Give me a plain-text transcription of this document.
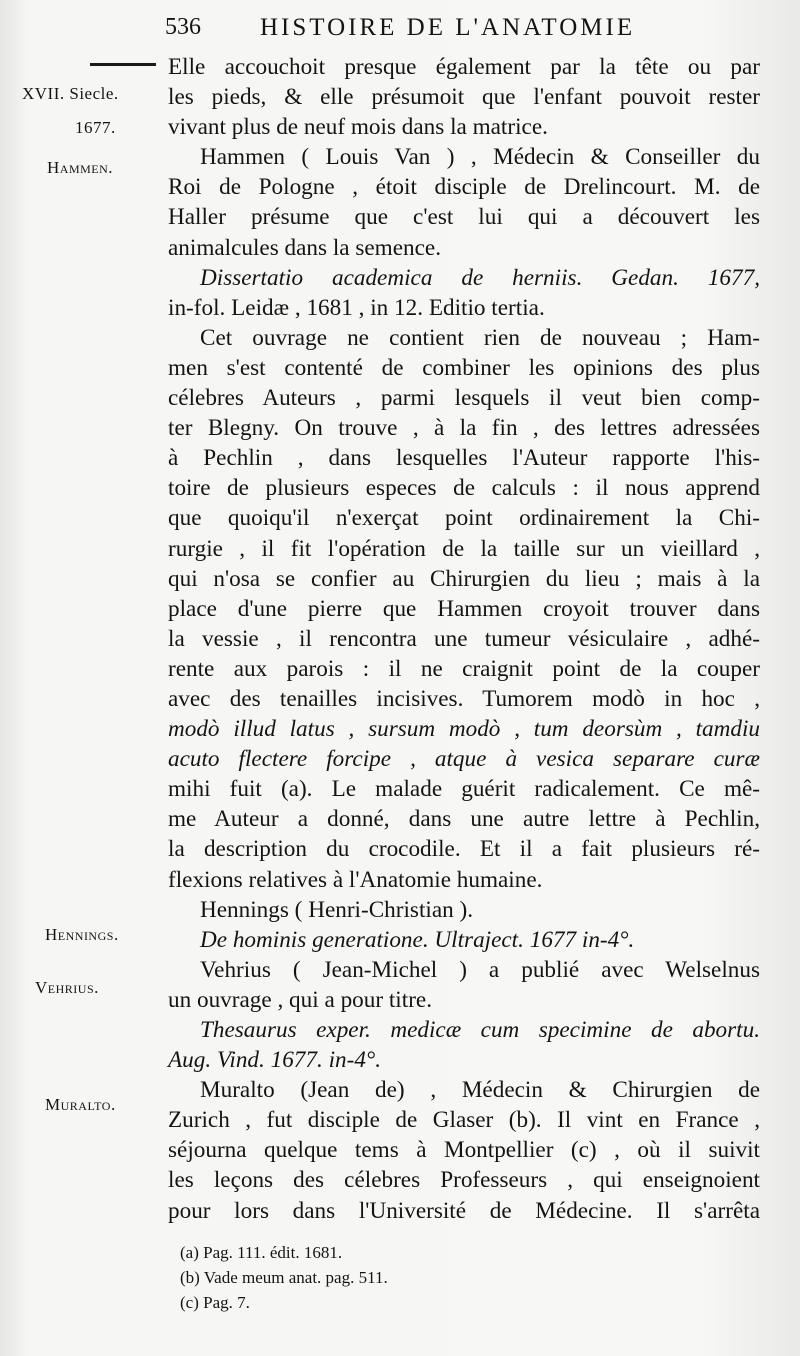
536 HISTOIRE DE L'ANATOMIE
XVII. Siecle.
1677.
Hammen.
Hennings.
Vehrius.
Muralto.
Elle accouchoit presque également par la tête ou par
les pieds, & elle présumoit que l'enfant pouvoit rester
vivant plus de neuf mois dans la matrice.
Hammen ( Louis Van ) , Médecin & Conseiller du
Roi de Pologne , étoit disciple de Drelincourt. M. de
Haller présume que c'est lui qui a découvert les
animalcules dans la semence.
Dissertatio academica de herniis. Gedan. 1677,
in-fol. Leidæ , 1681 , in 12. Editio tertia.
Cet ouvrage ne contient rien de nouveau ; Ham-
men s'est contenté de combiner les opinions des plus
célebres Auteurs , parmi lesquels il veut bien comp-
ter Blegny. On trouve , à la fin , des lettres adressées
à Pechlin , dans lesquelles l'Auteur rapporte l'his-
toire de plusieurs especes de calculs : il nous apprend
que quoiqu'il n'exerçat point ordinairement la Chi-
rurgie , il fit l'opération de la taille sur un vieillard ,
qui n'osa se confier au Chirurgien du lieu ; mais à la
place d'une pierre que Hammen croyoit trouver dans
la vessie , il rencontra une tumeur vésiculaire , adhé-
rente aux parois : il ne craignit point de la couper
avec des tenailles incisives. Tumorem modò in hoc ,
modò illud latus , sursum modò , tum deorsùm , tamdiu
acuto flectere forcipe , atque à vesica separare curæ
mihi fuit (a). Le malade guérit radicalement. Ce mê-
me Auteur a donné, dans une autre lettre à Pechlin,
la description du crocodile. Et il a fait plusieurs ré-
flexions relatives à l'Anatomie humaine.
Hennings ( Henri-Christian ).
De hominis generatione. Ultraject. 1677 in-4°.
Vehrius ( Jean-Michel ) a publié avec Welselnus
un ouvrage , qui a pour titre.
Thesaurus exper. medicæ cum specimine de abortu.
Aug. Vind. 1677. in-4°.
Muralto (Jean de) , Médecin & Chirurgien de
Zurich , fut disciple de Glaser (b). Il vint en France ,
séjourna quelque tems à Montpellier (c) , où il suivit
les leçons des célebres Professeurs , qui enseignoient
pour lors dans l'Université de Médecine. Il s'arrêta
(a) Pag. 111. édit. 1681.
(b) Vade meum anat. pag. 511.
(c) Pag. 7.
